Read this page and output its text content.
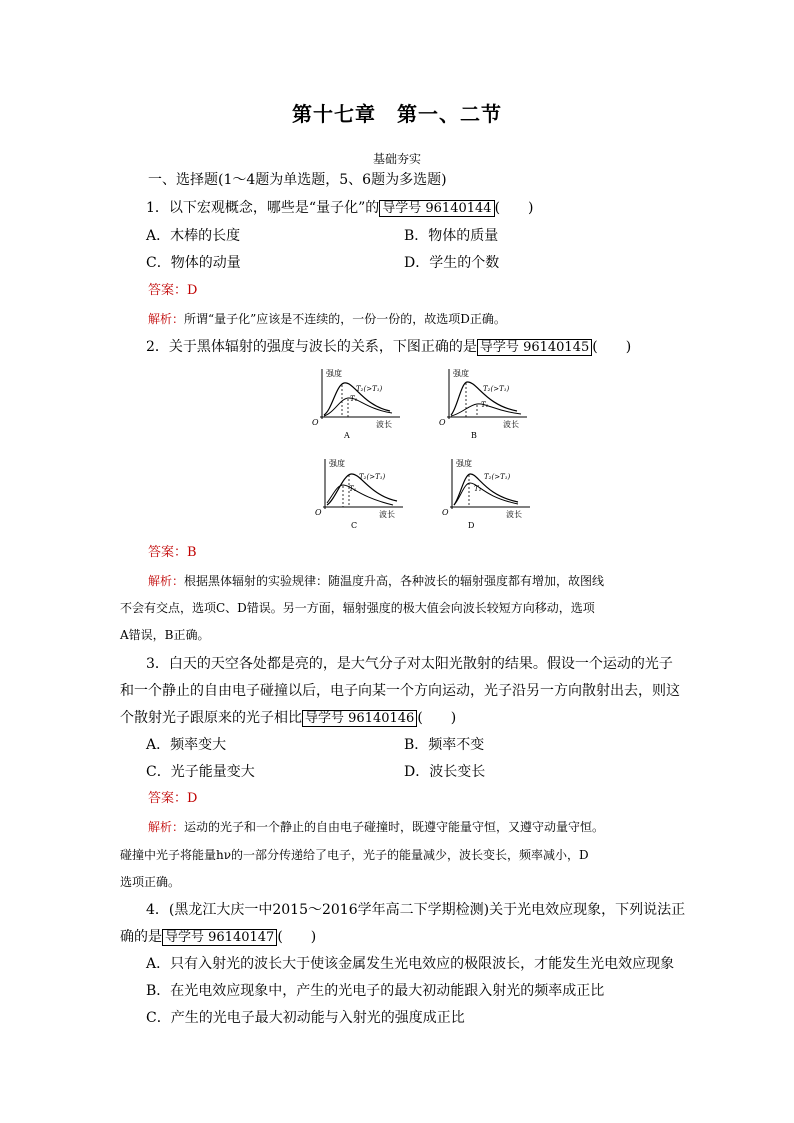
第十七章　第一、二节
基础夯实
一、选择题(1～4题为单选题，5、6题为多选题)
1．以下宏观概念，哪些是“量子化”的 导学号 96140144 (　　)
A．木棒的长度	B．物体的质量
C．物体的动量	D．学生的个数
答案：D
解析：所谓“量子化”应该是不连续的，一份一份的，故选项D正确。
2．关于黑体辐射的强度与波长的关系，下图正确的是 导学号 96140145 (　　)
强度
T₂(>T₁)
T₁
O	波长
A
强度
T₂(>T₁)
T₁
O	波长
B
强度
T₂(>T₁)
T₁
O	波长
C
强度
T₂(>T₁)
T₁
O	波长
D
答案：B
解析：根据黑体辐射的实验规律：随温度升高，各种波长的辐射强度都有增加，故图线
不会有交点，选项C、D错误。另一方面，辐射强度的极大值会向波长较短方向移动，选项
A错误，B正确。
3．白天的天空各处都是亮的，是大气分子对太阳光散射的结果。假设一个运动的光子
和一个静止的自由电子碰撞以后，电子向某一个方向运动，光子沿另一方向散射出去，则这
个散射光子跟原来的光子相比 导学号 96140146 (　　)
A．频率变大	B．频率不变
C．光子能量变大	D．波长变长
答案：D
解析：运动的光子和一个静止的自由电子碰撞时，既遵守能量守恒，又遵守动量守恒。
碰撞中光子将能量hν的一部分传递给了电子，光子的能量减少，波长变长，频率减小，D
选项正确。
4．(黑龙江大庆一中2015～2016学年高二下学期检测)关于光电效应现象，下列说法正
确的是 导学号 96140147 (　　)
A．只有入射光的波长大于使该金属发生光电效应的极限波长，才能发生光电效应现象
B．在光电效应现象中，产生的光电子的最大初动能跟入射光的频率成正比
C．产生的光电子最大初动能与入射光的强度成正比
